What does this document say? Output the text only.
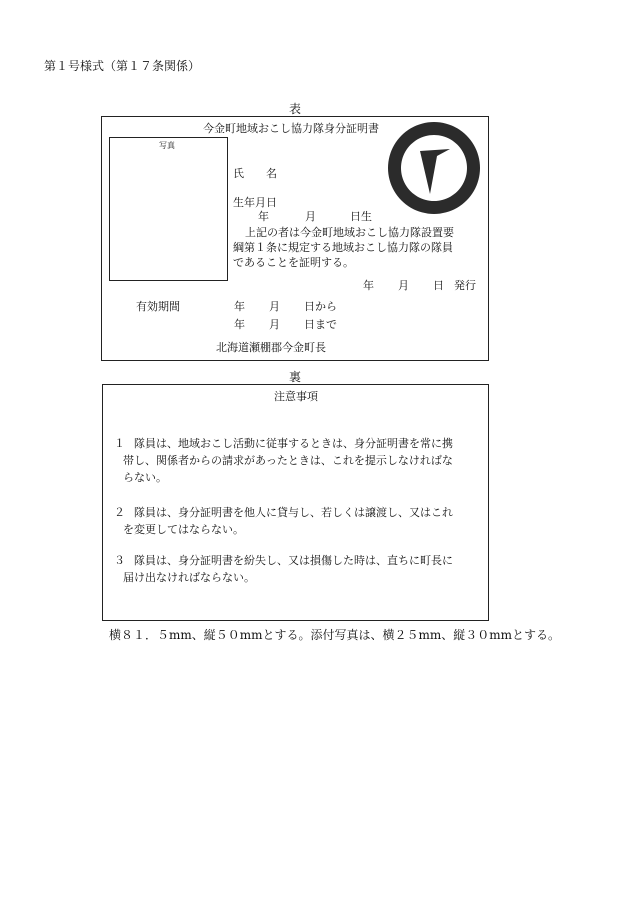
第１号様式（第１７条関係）
表
今金町地域おこし協力隊身分証明書
写真
氏　　名
生年月日
年	月	日生
上記の者は今金町地域おこし協力隊設置要
綱第１条に規定する地域おこし協力隊の隊員
であることを証明する。
年 月 日 発行
有効期間	年 月 日から
年 月 日まで
北海道瀬棚郡今金町長
裏
注意事項
１ 隊員は、地域おこし活動に従事するときは、身分証明書を常に携
帯し、関係者からの請求があったときは、これを提示しなければな
らない。
２ 隊員は、身分証明書を他人に貸与し、若しくは譲渡し、又はこれ
を変更してはならない。
３ 隊員は、身分証明書を紛失し、又は損傷した時は、直ちに町長に
届け出なければならない。
横８１．５mm、縦５０mmとする。添付写真は、横２５mm、縦３０mmとする。
